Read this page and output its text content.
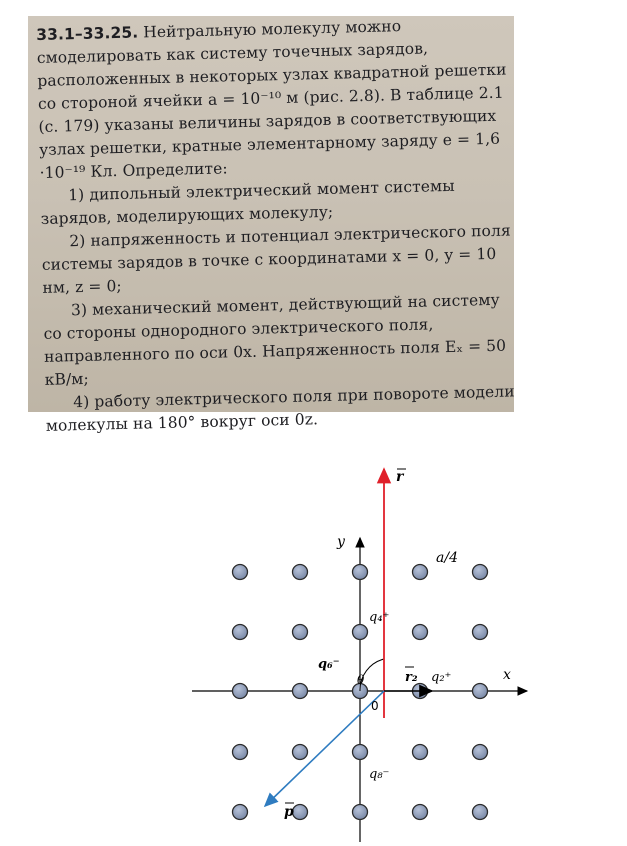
33.1–33.25. Нейтральную молекулу можно смоделировать как систему точечных зарядов, расположенных в некоторых узлах квадратной решетки со стороной ячейки a = 10⁻¹⁰ м (рис. 2.8). В таблице 2.1 (с. 179) указаны величины зарядов в соответствующих узлах решетки, кратные элементарному заряду e = 1,6 ·10⁻¹⁹ Кл. Определите:
1) дипольный электрический момент системы зарядов, моделирующих молекулу;
2) напряженность и потенциал электрического поля системы зарядов в точке с координатами x = 0, y = 10 нм, z = 0;
3) механический момент, действующий на систему со стороны однородного электрического поля, направленного по оси 0x. Напряженность поля Eₓ = 50 кВ/м;
4) работу электрического поля при повороте модели молекулы на 180° вокруг оси 0z.

r
y
x
a/4
q₄⁺
q₆⁻
θ	r₂ q₂⁺
0
q₈⁻
p
